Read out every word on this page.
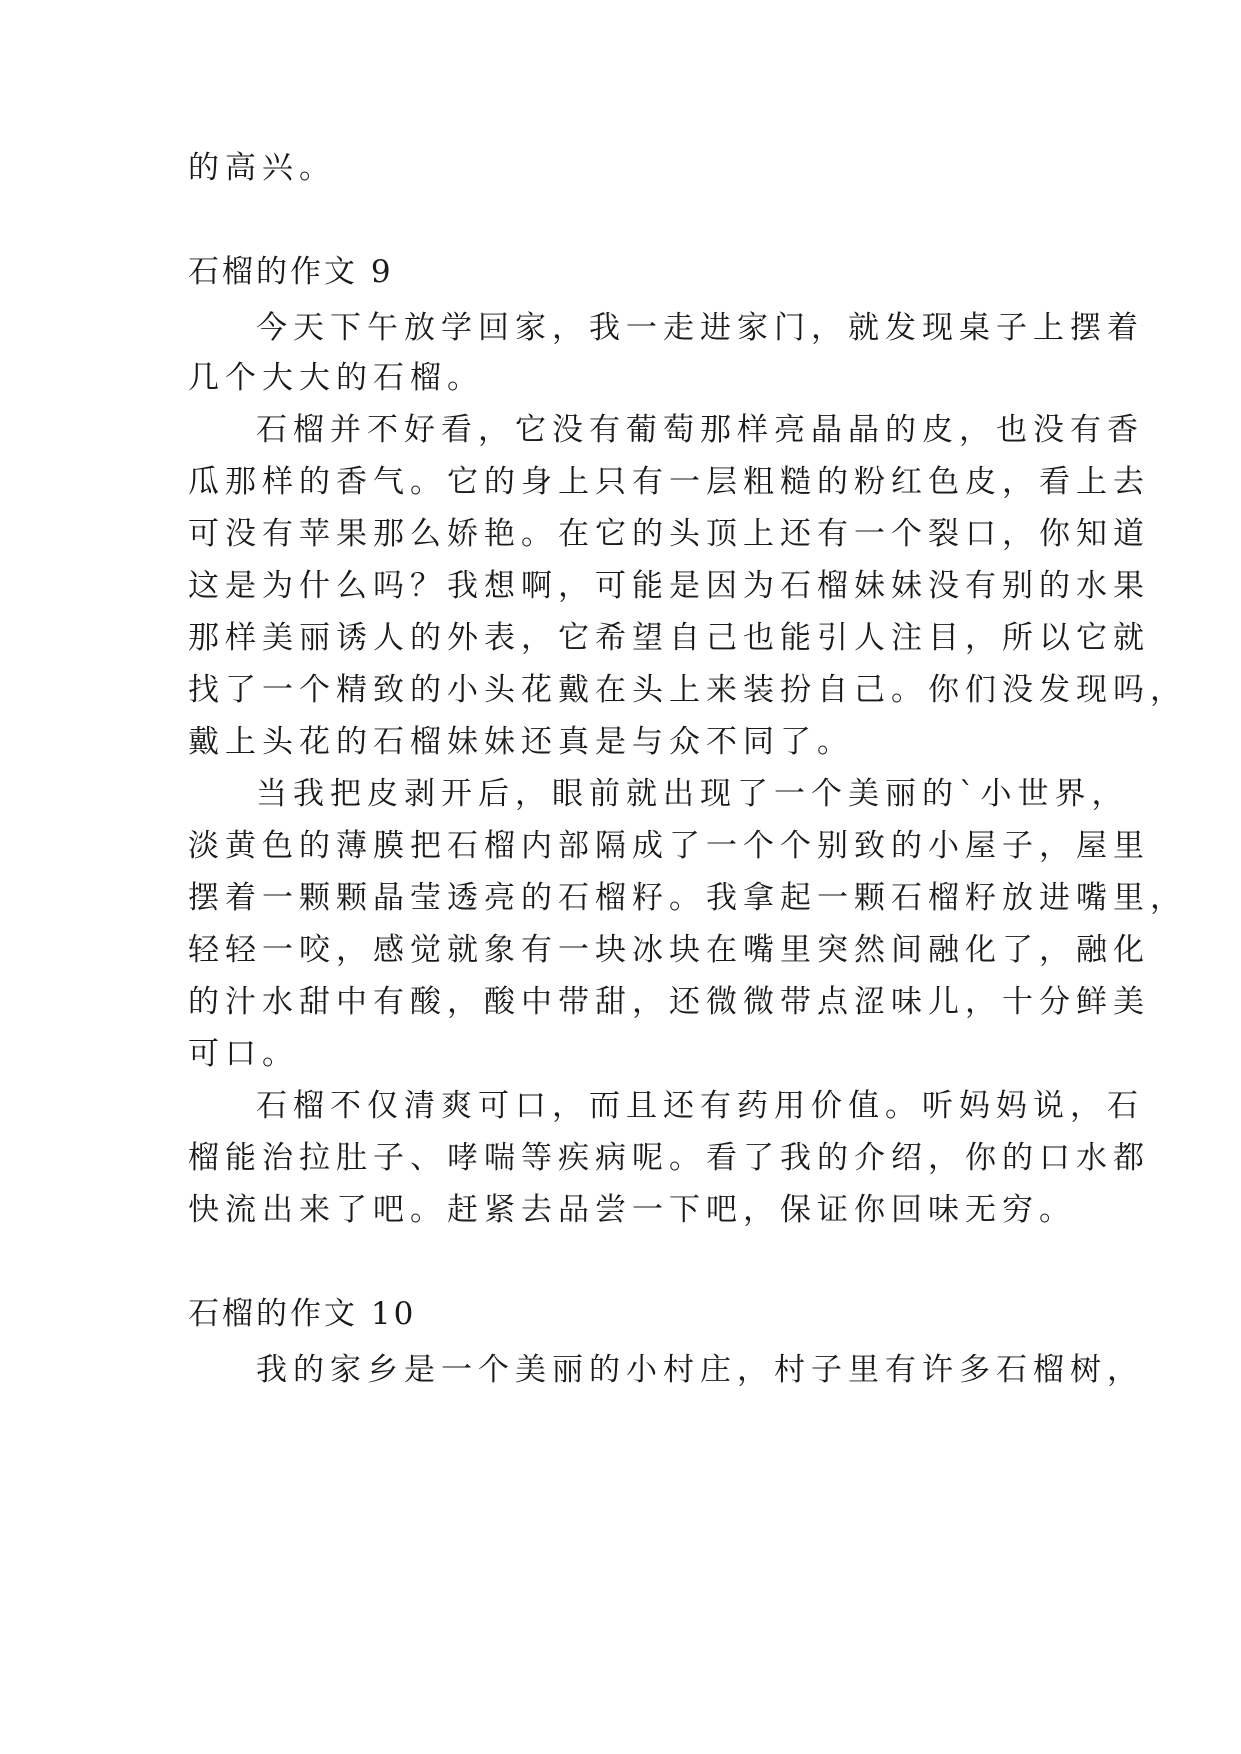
的高兴。
石榴的作文 9
今天下午放学回家，我一走进家门，就发现桌子上摆着
几个大大的石榴。
石榴并不好看，它没有葡萄那样亮晶晶的皮，也没有香
瓜那样的香气。它的身上只有一层粗糙的粉红色皮，看上去
可没有苹果那么娇艳。在它的头顶上还有一个裂口，你知道
这是为什么吗？我想啊，可能是因为石榴妹妹没有别的水果
那样美丽诱人的外表，它希望自己也能引人注目，所以它就
找了一个精致的小头花戴在头上来装扮自己。你们没发现吗，
戴上头花的石榴妹妹还真是与众不同了。
当我把皮剥开后，眼前就出现了一个美丽的`小世界，
淡黄色的薄膜把石榴内部隔成了一个个别致的小屋子，屋里
摆着一颗颗晶莹透亮的石榴籽。我拿起一颗石榴籽放进嘴里，
轻轻一咬，感觉就象有一块冰块在嘴里突然间融化了，融化
的汁水甜中有酸，酸中带甜，还微微带点涩味儿，十分鲜美
可口。
石榴不仅清爽可口，而且还有药用价值。听妈妈说，石
榴能治拉肚子、哮喘等疾病呢。看了我的介绍，你的口水都
快流出来了吧。赶紧去品尝一下吧，保证你回味无穷。
石榴的作文 10
我的家乡是一个美丽的小村庄，村子里有许多石榴树，
